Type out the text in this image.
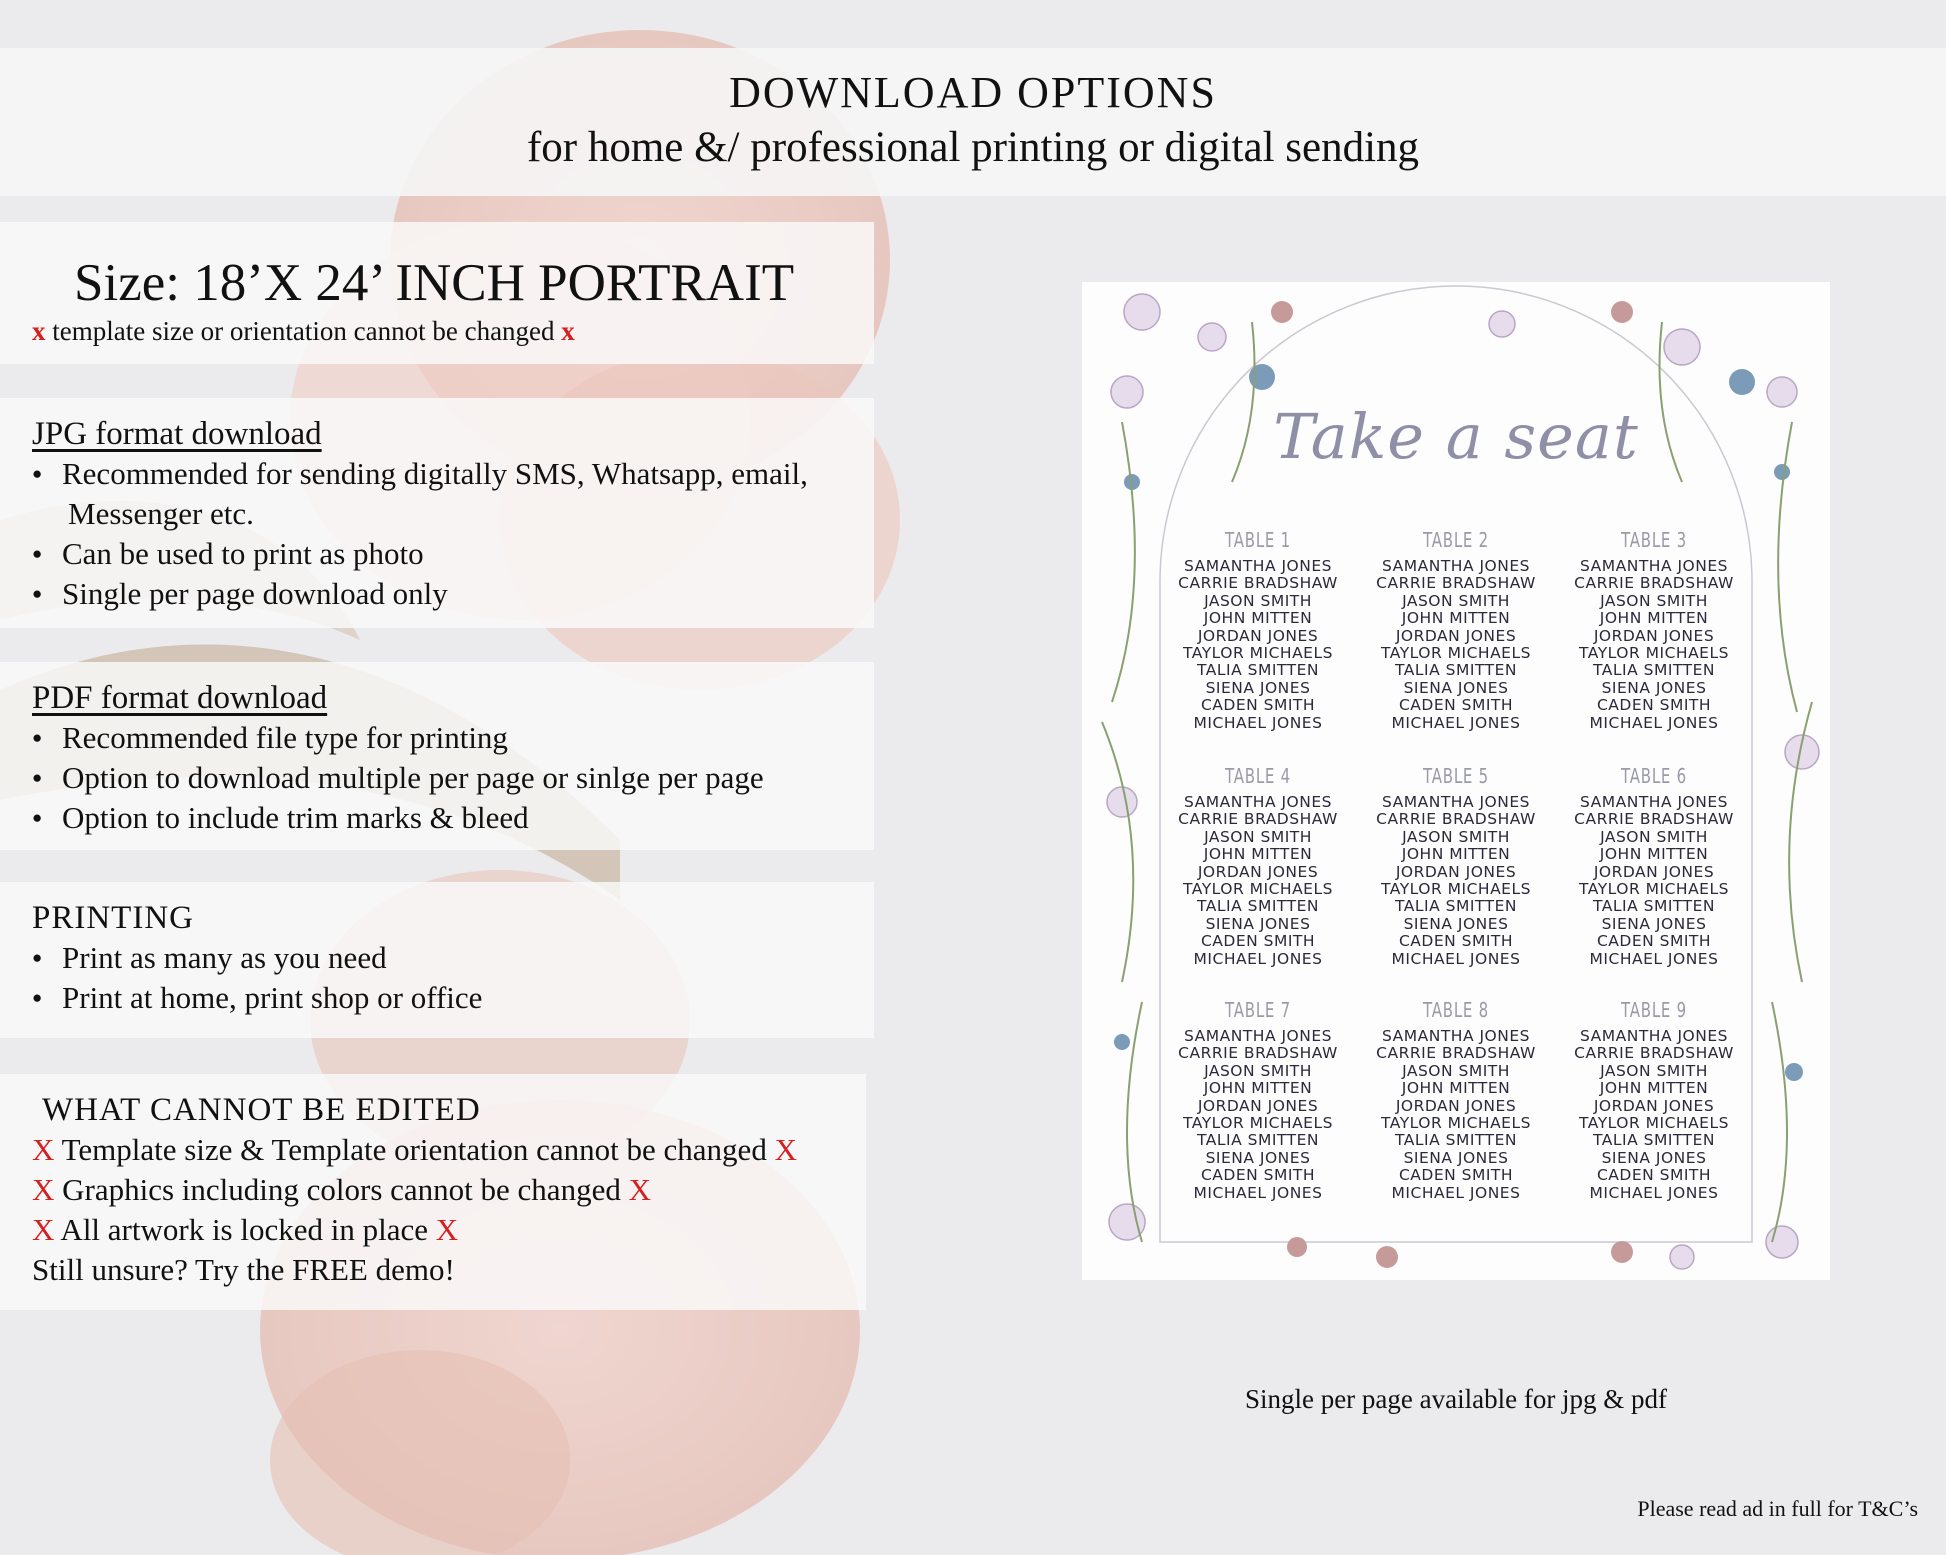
DOWNLOAD OPTIONS
for home &/ professional printing or digital sending
Size: 18’X 24’ INCH PORTRAIT
x template size or orientation cannot be changed x
JPG format download
● Recommended for sending digitally SMS, Whatsapp, email,
Messenger etc.
● Can be used to print as photo
● Single per page download only
PDF format download
● Recommended file type for printing
● Option to download multiple per page or sinlge per page
● Option to include trim marks & bleed
PRINTING
● Print as many as you need
● Print at home, print shop or office
WHAT CANNOT BE EDITED
X Template size & Template orientation cannot be changed X
X Graphics including colors cannot be changed X
X All artwork is locked in place X
Still unsure? Try the FREE demo!
Take a seat
TABLE 1
SAMANTHA JONES
CARRIE BRADSHAW
JASON SMITH
JOHN MITTEN
JORDAN JONES
TAYLOR MICHAELS
TALIA SMITTEN
SIENA JONES
CADEN SMITH
MICHAEL JONES
TABLE 2
SAMANTHA JONES
CARRIE BRADSHAW
JASON SMITH
JOHN MITTEN
JORDAN JONES
TAYLOR MICHAELS
TALIA SMITTEN
SIENA JONES
CADEN SMITH
MICHAEL JONES
TABLE 3
SAMANTHA JONES
CARRIE BRADSHAW
JASON SMITH
JOHN MITTEN
JORDAN JONES
TAYLOR MICHAELS
TALIA SMITTEN
SIENA JONES
CADEN SMITH
MICHAEL JONES
TABLE 4
SAMANTHA JONES
CARRIE BRADSHAW
JASON SMITH
JOHN MITTEN
JORDAN JONES
TAYLOR MICHAELS
TALIA SMITTEN
SIENA JONES
CADEN SMITH
MICHAEL JONES
TABLE 5
SAMANTHA JONES
CARRIE BRADSHAW
JASON SMITH
JOHN MITTEN
JORDAN JONES
TAYLOR MICHAELS
TALIA SMITTEN
SIENA JONES
CADEN SMITH
MICHAEL JONES
TABLE 6
SAMANTHA JONES
CARRIE BRADSHAW
JASON SMITH
JOHN MITTEN
JORDAN JONES
TAYLOR MICHAELS
TALIA SMITTEN
SIENA JONES
CADEN SMITH
MICHAEL JONES
TABLE 7
SAMANTHA JONES
CARRIE BRADSHAW
JASON SMITH
JOHN MITTEN
JORDAN JONES
TAYLOR MICHAELS
TALIA SMITTEN
SIENA JONES
CADEN SMITH
MICHAEL JONES
TABLE 8
SAMANTHA JONES
CARRIE BRADSHAW
JASON SMITH
JOHN MITTEN
JORDAN JONES
TAYLOR MICHAELS
TALIA SMITTEN
SIENA JONES
CADEN SMITH
MICHAEL JONES
TABLE 9
SAMANTHA JONES
CARRIE BRADSHAW
JASON SMITH
JOHN MITTEN
JORDAN JONES
TAYLOR MICHAELS
TALIA SMITTEN
SIENA JONES
CADEN SMITH
MICHAEL JONES
Single per page available for jpg & pdf
Please read ad in full for T&C’s
